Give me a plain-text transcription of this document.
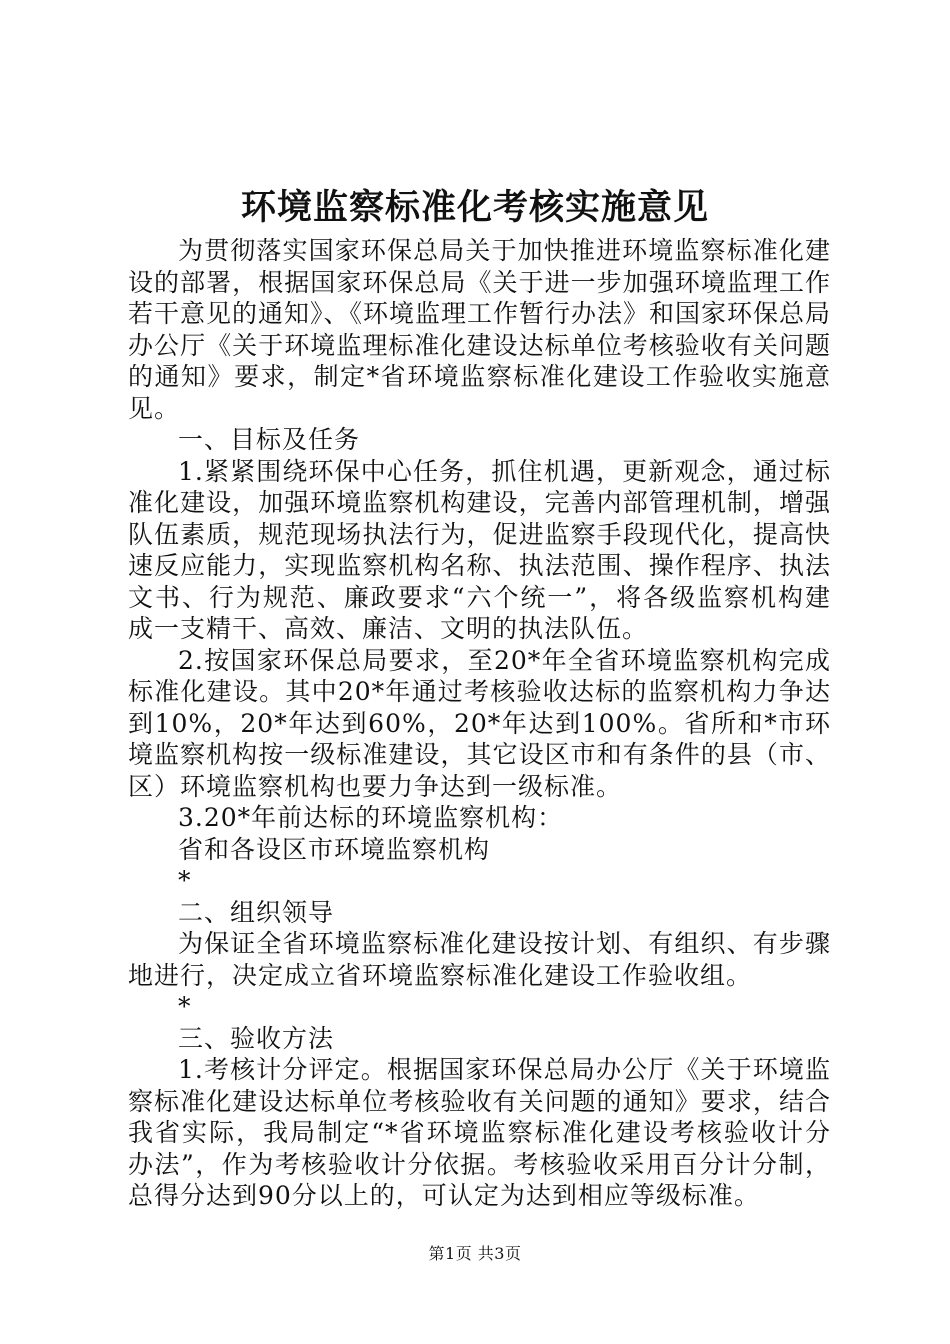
环境监察标准化考核实施意见

为贯彻落实国家环保总局关于加快推进环境监察标准化建设的部署，根据国家环保总局《关于进一步加强环境监理工作若干意见的通知》、《环境监理工作暂行办法》和国家环保总局办公厅《关于环境监理标准化建设达标单位考核验收有关问题的通知》要求，制定*省环境监察标准化建设工作验收实施意见。

一、目标及任务

1.紧紧围绕环保中心任务，抓住机遇，更新观念，通过标准化建设，加强环境监察机构建设，完善内部管理机制，增强队伍素质，规范现场执法行为，促进监察手段现代化，提高快速反应能力，实现监察机构名称、执法范围、操作程序、执法文书、行为规范、廉政要求“六个统一”，将各级监察机构建成一支精干、高效、廉洁、文明的执法队伍。

2.按国家环保总局要求，至20*年全省环境监察机构完成标准化建设。其中20*年通过考核验收达标的监察机构力争达到10%，20*年达到60%，20*年达到100%。省所和*市环境监察机构按一级标准建设，其它设区市和有条件的县（市、区）环境监察机构也要力争达到一级标准。

3.20*年前达标的环境监察机构：

省和各设区市环境监察机构

*

二、组织领导

为保证全省环境监察标准化建设按计划、有组织、有步骤地进行，决定成立省环境监察标准化建设工作验收组。

*

三、验收方法

1.考核计分评定。根据国家环保总局办公厅《关于环境监察标准化建设达标单位考核验收有关问题的通知》要求，结合我省实际，我局制定“*省环境监察标准化建设考核验收计分办法”，作为考核验收计分依据。考核验收采用百分计分制，总得分达到90分以上的，可认定为达到相应等级标准。

第1页 共3页
